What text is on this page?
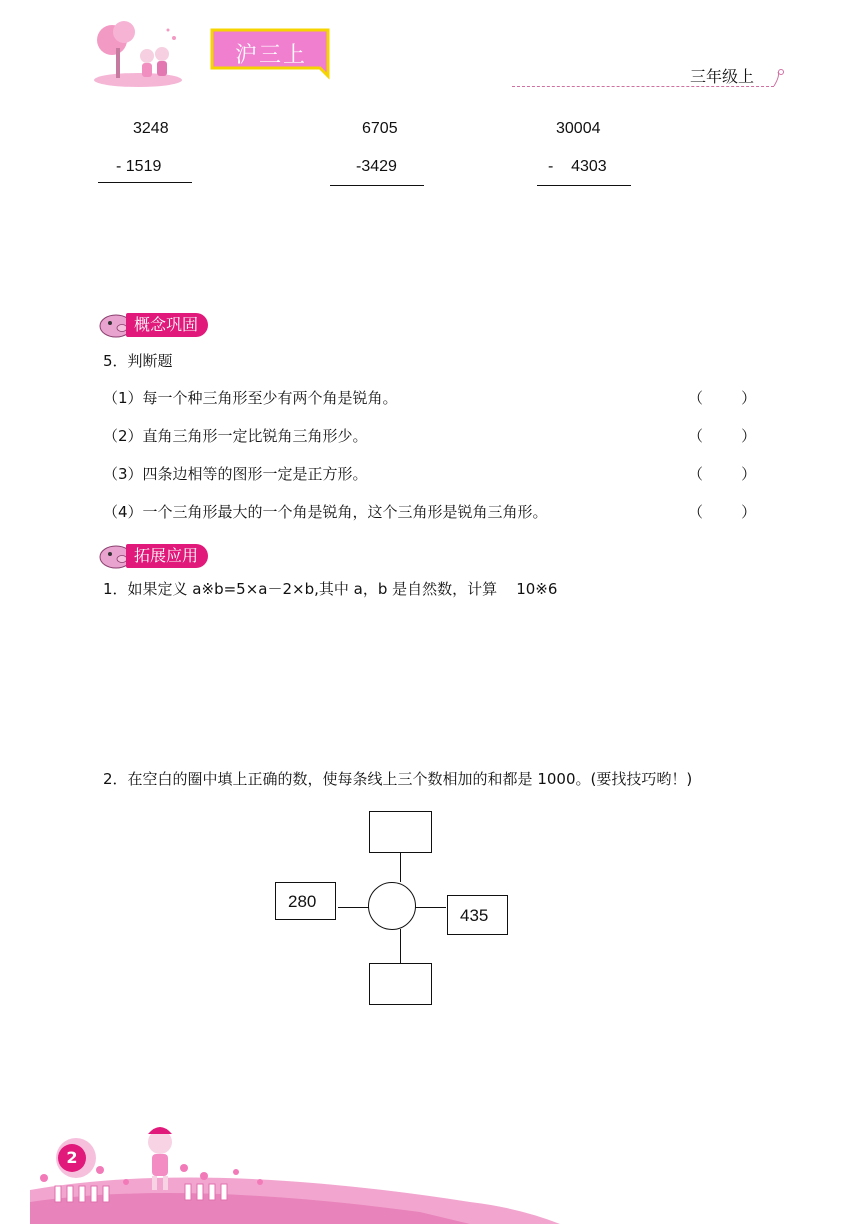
沪三上
三年级上
3248
- 1519
6705
-3429
30004
-    4303
概念巩固
5．判断题
（1）每一个种三角形至少有两个角是锐角。	（        ）
（2）直角三角形一定比锐角三角形少。	（        ）
（3）四条边相等的图形一定是正方形。	（        ）
（4）一个三角形最大的一个角是锐角，这个三角形是锐角三角形。	（        ）
拓展应用
1．如果定义 a※b=5×a－2×b,其中 a，b 是自然数，计算    10※6
2．在空白的圈中填上正确的数，使每条线上三个数相加的和都是 1000。(要找技巧哟！)
280
435
2
